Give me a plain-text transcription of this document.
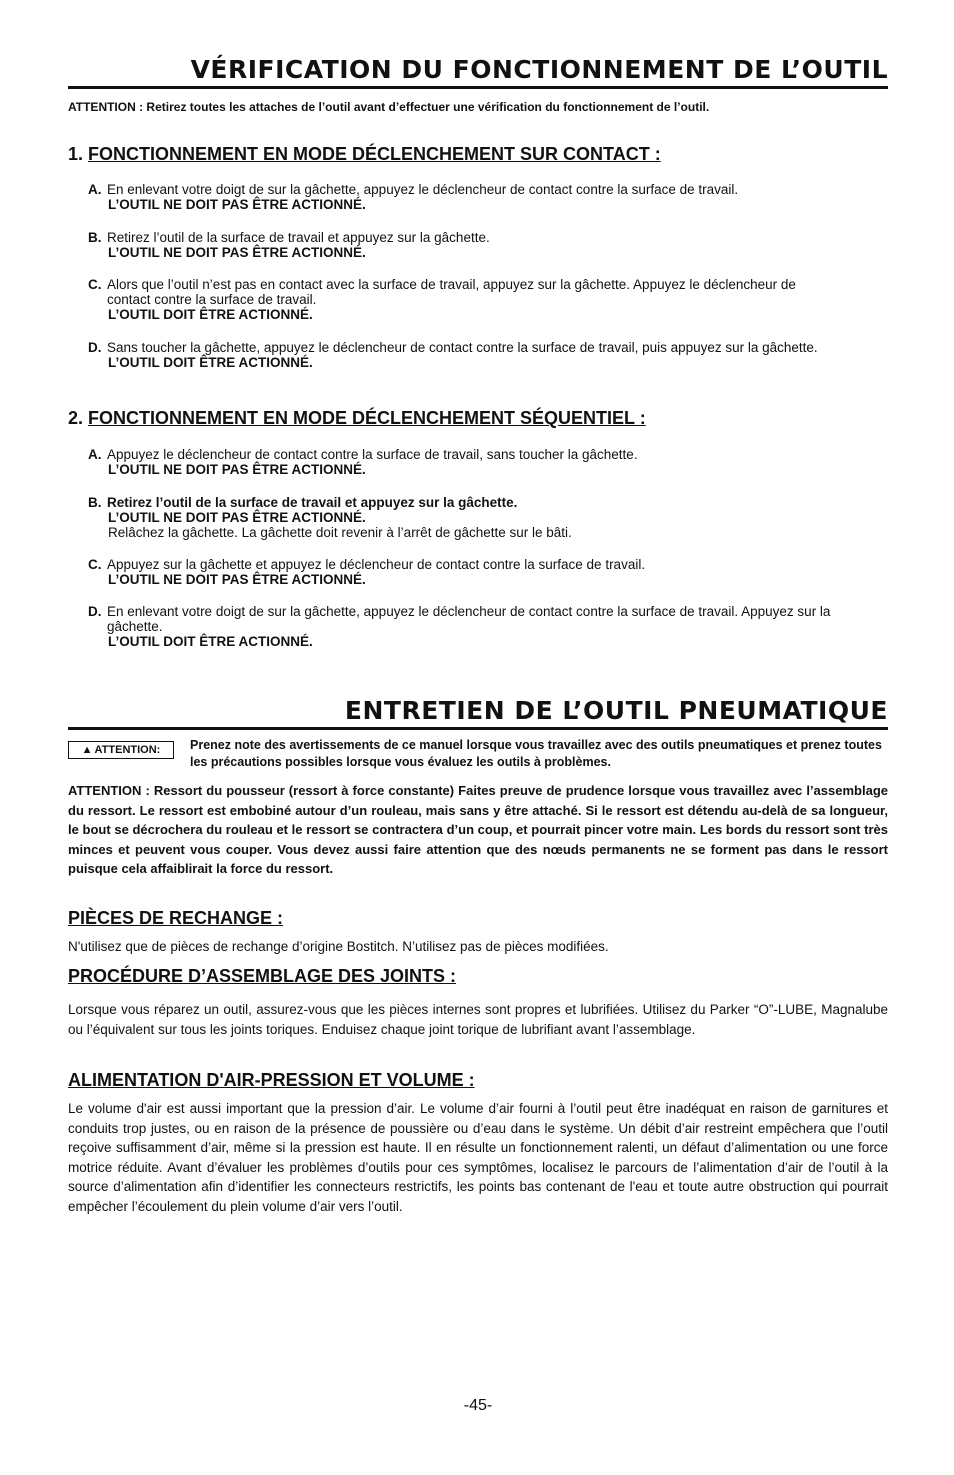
VÉRIFICATION DU FONCTIONNEMENT DE L’OUTIL
ATTENTION : Retirez toutes les attaches de l’outil avant d’effectuer une vérification du fonctionnement de l’outil.
1. FONCTIONNEMENT EN MODE DÉCLENCHEMENT SUR CONTACT :
A. En enlevant votre doigt de sur la gâchette, appuyez le déclencheur de contact contre la surface de travail.
L’OUTIL NE DOIT PAS ÊTRE ACTIONNÉ.
B. Retirez l’outil de la surface de travail et appuyez sur la gâchette.
L’OUTIL NE DOIT PAS ÊTRE ACTIONNÉ.
C. Alors que l’outil n’est pas en contact avec la surface de travail, appuyez sur la gâchette. Appuyez le déclencheur de contact contre la surface de travail.
L’OUTIL DOIT ÊTRE ACTIONNÉ.
D. Sans toucher la gâchette, appuyez le déclencheur de contact contre la surface de travail, puis appuyez sur la gâchette.
L’OUTIL DOIT ÊTRE ACTIONNÉ.
2. FONCTIONNEMENT EN MODE DÉCLENCHEMENT SÉQUENTIEL :
A. Appuyez le déclencheur de contact contre la surface de travail, sans toucher la gâchette.
L’OUTIL NE DOIT PAS ÊTRE ACTIONNÉ.
B. Retirez l’outil de la surface de travail et appuyez sur la gâchette.
L’OUTIL NE DOIT PAS ÊTRE ACTIONNÉ.
Relâchez la gâchette. La gâchette doit revenir à l’arrêt de gâchette sur le bâti.
C. Appuyez sur la gâchette et appuyez le déclencheur de contact contre la surface de travail.
L’OUTIL NE DOIT PAS ÊTRE ACTIONNÉ.
D. En enlevant votre doigt de sur la gâchette, appuyez le déclencheur de contact contre la surface de travail. Appuyez sur la gâchette.
L’OUTIL DOIT ÊTRE ACTIONNÉ.
ENTRETIEN DE L’OUTIL PNEUMATIQUE
▲ ATTENTION:	Prenez note des avertissements de ce manuel lorsque vous travaillez avec des outils pneumatiques et prenez toutes les précautions possibles lorsque vous évaluez les outils à problèmes.
ATTENTION : Ressort du pousseur (ressort à force constante) Faites preuve de prudence lorsque vous travaillez avec l’assemblage du ressort. Le ressort est embobiné autour d’un rouleau, mais sans y être attaché. Si le ressort est détendu au-delà de sa longueur, le bout se décrochera du rouleau et le ressort se contractera d’un coup, et pourrait pincer votre main. Les bords du ressort sont très minces et peuvent vous couper. Vous devez aussi faire attention que des nœuds permanents ne se forment pas dans le ressort puisque cela affaiblirait la force du ressort.
PIÈCES DE RECHANGE :
N'utilisez que de pièces de rechange d’origine Bostitch. N’utilisez pas de pièces modifiées.
PROCÉDURE D’ASSEMBLAGE DES JOINTS :
Lorsque vous réparez un outil, assurez-vous que les pièces internes sont propres et lubrifiées. Utilisez du Parker “O”-LUBE, Magnalube ou l’équivalent sur tous les joints toriques. Enduisez chaque joint torique de lubrifiant avant l’assemblage.
ALIMENTATION D'AIR-PRESSION ET VOLUME :
Le volume d'air est aussi important que la pression d’air. Le volume d’air fourni à l’outil peut être inadéquat en raison de garnitures et conduits trop justes, ou en raison de la présence de poussière ou d’eau dans le système. Un débit d’air restreint empêchera que l’outil reçoive suffisamment d’air, même si la pression est haute. Il en résulte un fonctionnement ralenti, un défaut d’alimentation ou une force motrice réduite. Avant d’évaluer les problèmes d’outils pour ces symptômes, localisez le parcours de l’alimentation d’air de l’outil à la source d’alimentation afin d’identifier les connecteurs restrictifs, les points bas contenant de l'eau et toute autre obstruction qui pourrait empêcher l’écoulement du plein volume d’air vers l’outil.
-45-
